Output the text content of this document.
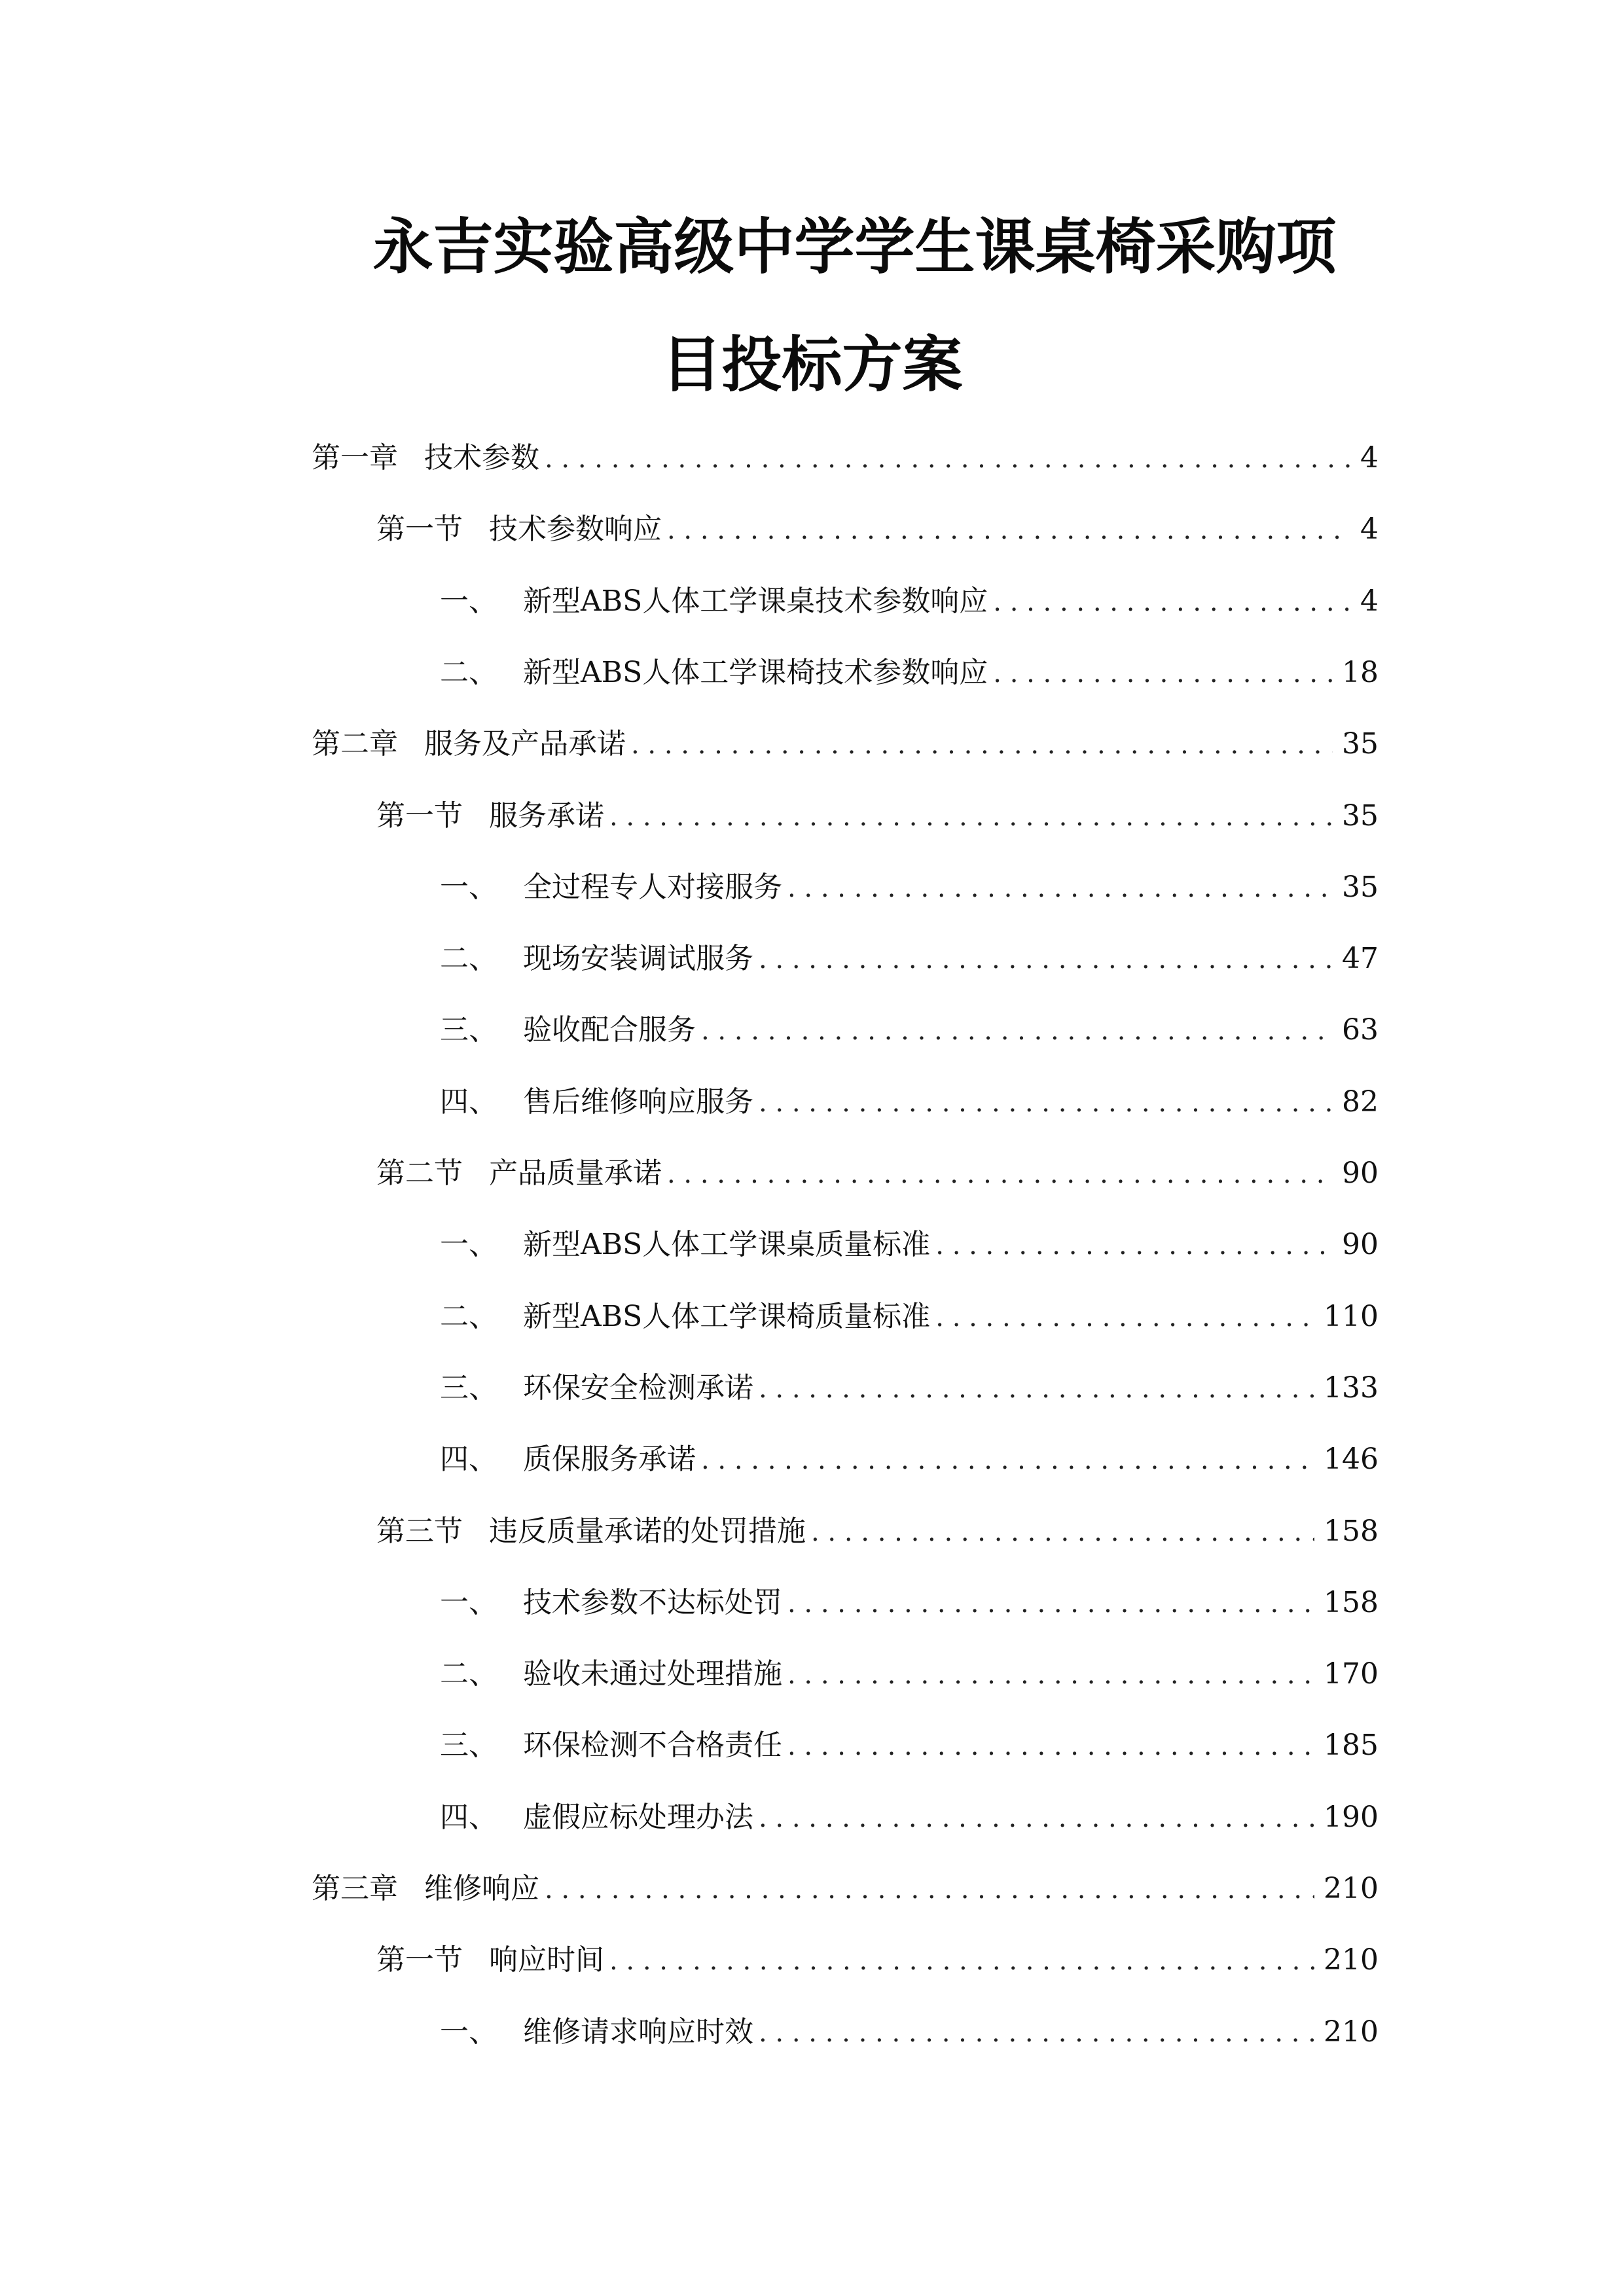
永吉实验高级中学学生课桌椅采购项
目投标方案
第一章 技术参数 . . .	4
第一节 技术参数响应 . . .	4
一、 新型ABS人体工学课桌技术参数响应 . . .	4
二、 新型ABS人体工学课椅技术参数响应 . . .	18
第二章 服务及产品承诺 . . .	35
第一节 服务承诺 . . .	35
一、 全过程专人对接服务 . . .	35
二、 现场安装调试服务 . . .	47
三、 验收配合服务 . . .	63
四、 售后维修响应服务 . . .	82
第二节 产品质量承诺 . . .	90
一、 新型ABS人体工学课桌质量标准 . . .	90
二、 新型ABS人体工学课椅质量标准 . . .	110
三、 环保安全检测承诺 . . .	133
四、 质保服务承诺 . . .	146
第三节 违反质量承诺的处罚措施 . . .	158
一、 技术参数不达标处罚 . . .	158
二、 验收未通过处理措施 . . .	170
三、 环保检测不合格责任 . . .	185
四、 虚假应标处理办法 . . .	190
第三章 维修响应 . . .	210
第一节 响应时间 . . .	210
一、 维修请求响应时效 . . .	210
